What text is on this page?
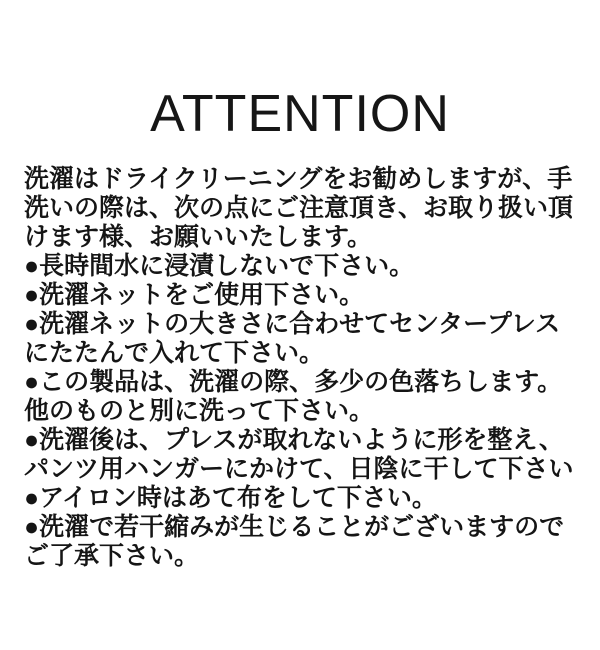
ATTENTION
洗濯はドライクリーニングをお勧めしますが、手
洗いの際は、次の点にご注意頂き、お取り扱い頂
けます様、お願いいたします。
●長時間水に浸漬しないで下さい。
●洗濯ネットをご使用下さい。
●洗濯ネットの大きさに合わせてセンタープレス
にたたんで入れて下さい。
●この製品は、洗濯の際、多少の色落ちします。
他のものと別に洗って下さい。
●洗濯後は、プレスが取れないように形を整え、
パンツ用ハンガーにかけて、日陰に干して下さい
●アイロン時はあて布をして下さい。
●洗濯で若干縮みが生じることがございますので
ご了承下さい。
